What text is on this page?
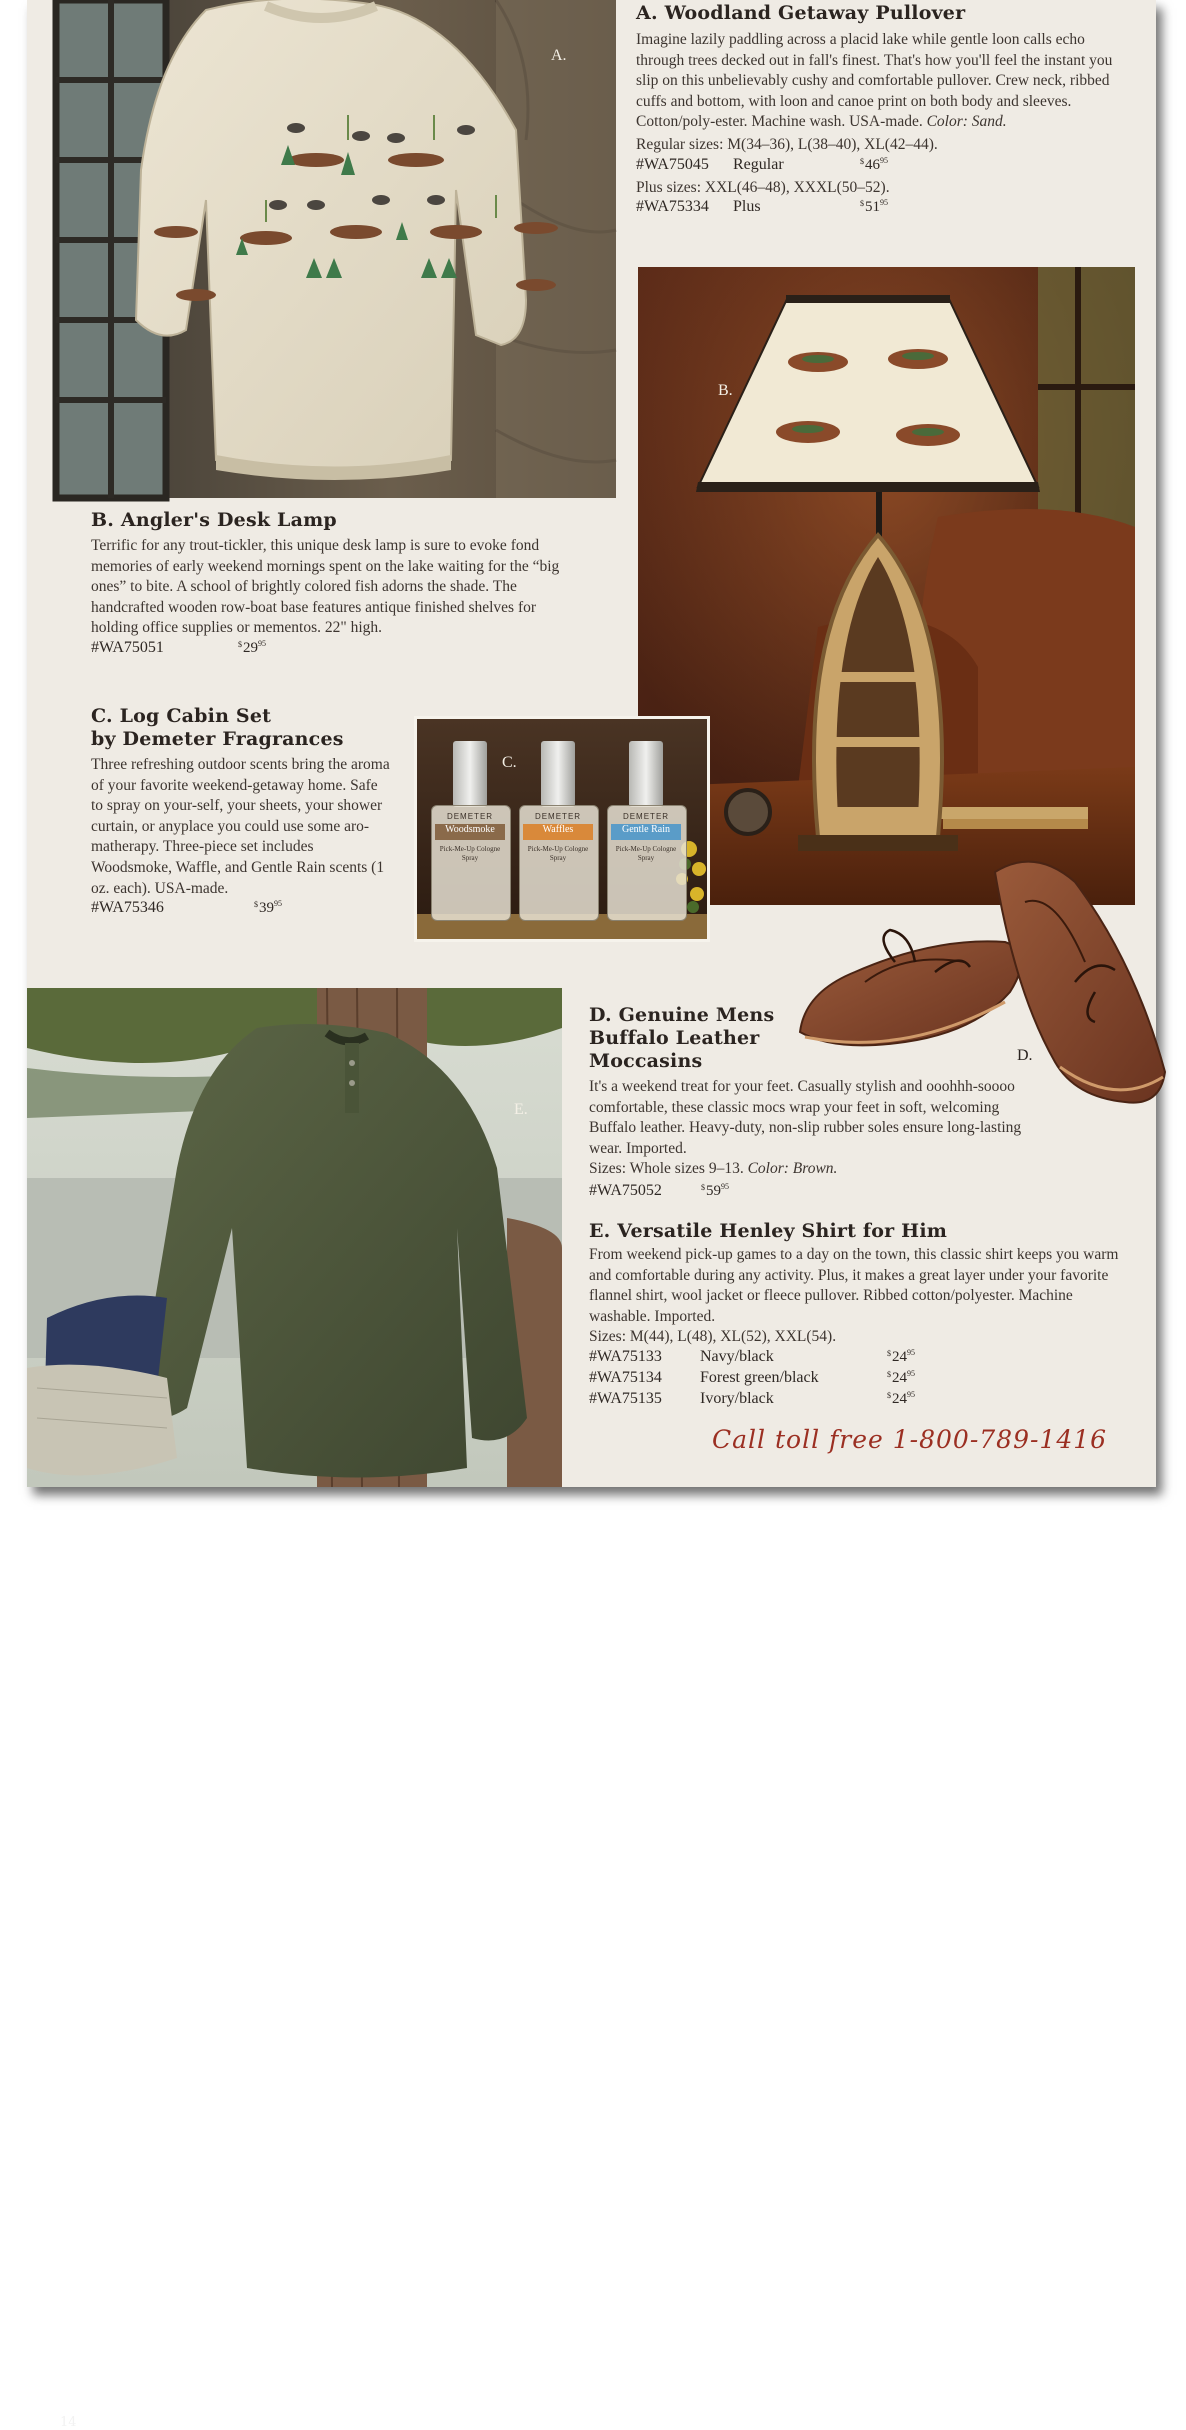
A.
A. Woodland Getaway Pullover

Imagine lazily paddling across a placid lake while gentle loon calls echo through trees decked out in fall's finest. That's how you'll feel the instant you slip on this unbelievably cushy and comfortable pullover. Crew neck, ribbed cuffs and bottom, with loon and canoe print on both body and sleeves. Cotton/poly-ester. Machine wash. USA-made. Color: Sand.

Regular sizes: M(34–36), L(38–40), XL(42–44).

#WA75045 Regular	$^{\$}46^{95}$

Plus sizes: XXL(46–48), XXXL(50–52).

#WA75334 Plus	$^{\$}51^{95}$
B.
B. Angler's Desk Lamp

Terrific for any trout-tickler, this unique desk lamp is sure to evoke fond memories of early weekend mornings spent on the lake waiting for the “big ones” to bite. A school of brightly colored fish adorns the shade. The handcrafted wooden row-boat base features antique finished shelves for holding office supplies or mementos. 22" high.

#WA75051	$^{\$}29^{95}$
C. Log Cabin Set
by Demeter Fragrances

Three refreshing outdoor scents bring the aroma of your favorite weekend-getaway home. Safe to spray on your-self, your sheets, your shower curtain, or anyplace you could use some aro-matherapy. Three-piece set includes Woodsmoke, Waffle, and Gentle Rain scents (1 oz. each). USA-made.

#WA75346	$^{\$}39^{95}$
C.
DEMETER
Woodsmoke
Pick-Me-Up Cologne Spray
DEMETER
Waffles
Pick-Me-Up Cologne Spray
DEMETER
Gentle Rain
Pick-Me-Up Cologne Spray
D.
D. Genuine Mens
Buffalo Leather
Moccasins

It's a weekend treat for your feet. Casually stylish and ooohhh-soooo comfortable, these classic mocs wrap your feet in soft, welcoming Buffalo leather. Heavy-duty, non-slip rubber soles ensure long-lasting wear. Imported.

Sizes: Whole sizes 9–13. Color: Brown.

#WA75052	$^{\$}59^{95}$
E.
14
E. Versatile Henley Shirt for Him

From weekend pick-up games to a day on the town, this classic shirt keeps you warm and comfortable during any activity. Plus, it makes a great layer under your favorite flannel shirt, wool jacket or fleece pullover. Ribbed cotton/polyester. Machine washable. Imported.

Sizes: M(44), L(48), XL(52), XXL(54).

#WA75133 Navy/black	$^{\$}24^{95}$
#WA75134 Forest green/black	$^{\$}24^{95}$
#WA75135 Ivory/black	$^{\$}24^{95}$
Call toll free 1-800-789-1416
